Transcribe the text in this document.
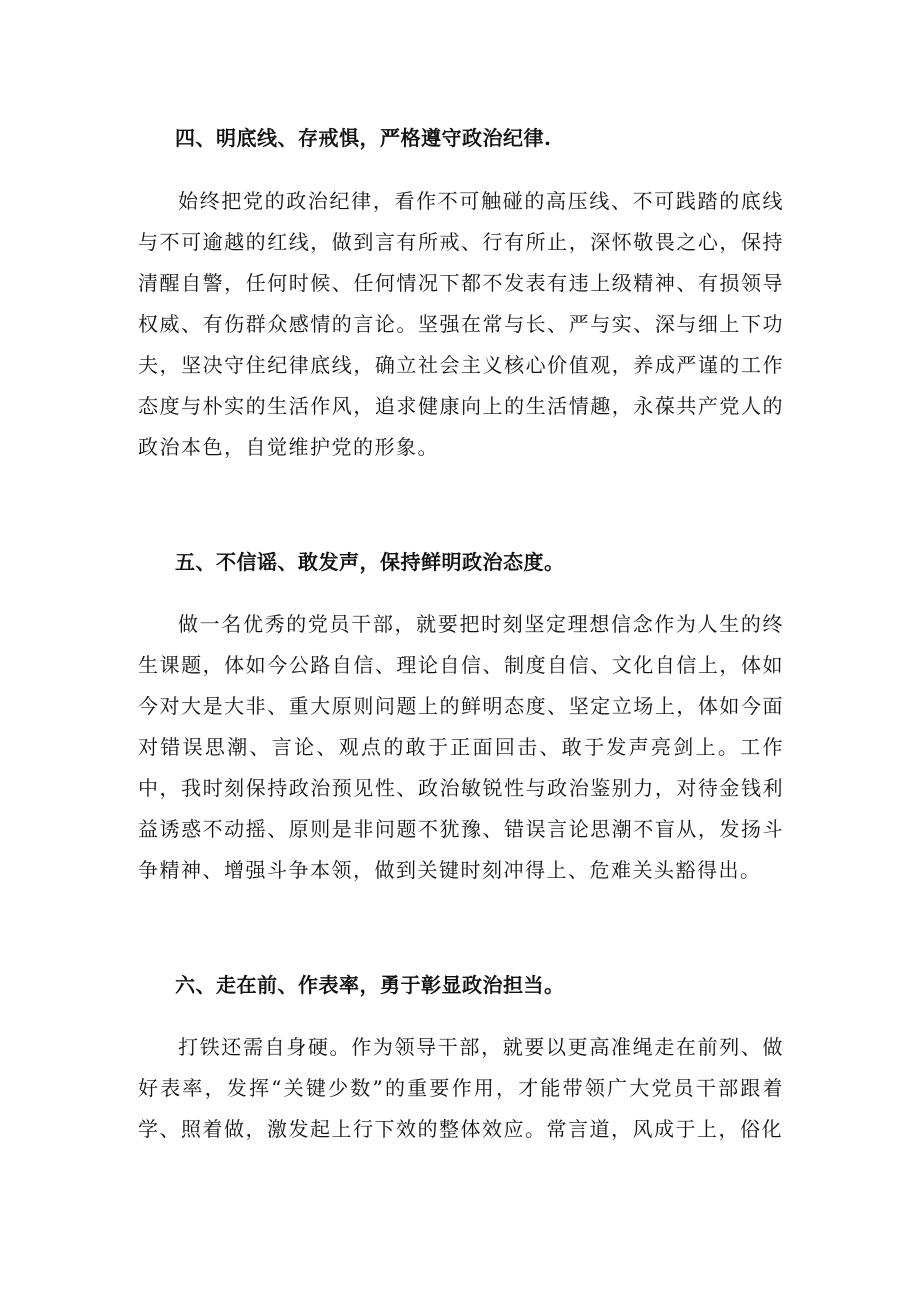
四、明底线、存戒惧，严格遵守政治纪律.

始终把党的政治纪律，看作不可触碰的高压线、不可践踏的底线与不可逾越的红线，做到言有所戒、行有所止，深怀敬畏之心，保持清醒自警，任何时候、任何情况下都不发表有违上级精神、有损领导权威、有伤群众感情的言论。坚强在常与长、严与实、深与细上下功夫，坚决守住纪律底线，确立社会主义核心价值观，养成严谨的工作态度与朴实的生活作风，追求健康向上的生活情趣，永葆共产党人的政治本色，自觉维护党的形象。

五、不信谣、敢发声，保持鲜明政治态度。

做一名优秀的党员干部，就要把时刻坚定理想信念作为人生的终生课题，体如今公路自信、理论自信、制度自信、文化自信上，体如今对大是大非、重大原则问题上的鲜明态度、坚定立场上，体如今面对错误思潮、言论、观点的敢于正面回击、敢于发声亮剑上。工作中，我时刻保持政治预见性、政治敏锐性与政治鉴别力，对待金钱利益诱惑不动摇、原则是非问题不犹豫、错误言论思潮不盲从，发扬斗争精神、增强斗争本领，做到关键时刻冲得上、危难关头豁得出。

六、走在前、作表率，勇于彰显政治担当。

打铁还需自身硬。作为领导干部，就要以更高准绳走在前列、做好表率，发挥“关键少数”的重要作用，才能带领广大党员干部跟着学、照着做，激发起上行下效的整体效应。常言道，风成于上，俗化
